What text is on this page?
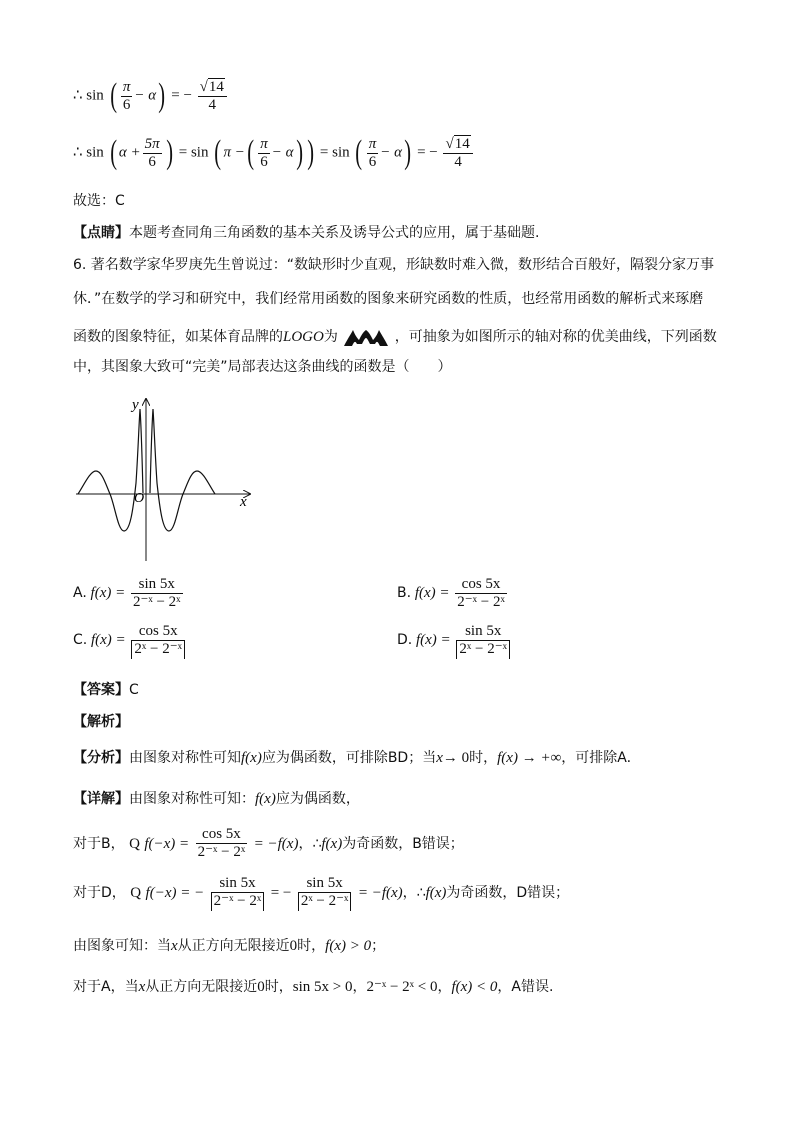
∴ sin ( $\frac{\pi}{6} - \alpha$) = − $\frac{√14}{4}$
∴ sin ( $\alpha + \frac{5\pi}{6}$ ) = sin ( π −( $\frac{\pi}{6} - \alpha$) ) = sin ( $\frac{\pi}{6} - \alpha$) = − $\frac{√14}{4}$
故选：C
【点睛】本题考查同角三角函数的基本关系及诱导公式的应用，属于基础题.
6. 著名数学家华罗庚先生曾说过：“数缺形时少直观，形缺数时难入微，数形结合百般好，隔裂分家万事
休．”在数学的学习和研究中，我们经常用函数的图象来研究函数的性质，也经常用函数的解析式来琢磨
函数的图象特征，如某体育品牌的LOGO为	，可抽象为如图所示的轴对称的优美曲线，下列函数
中，其图象大致可“完美”局部表达这条曲线的函数是（　　）
y
x
O
A. $f(x) = \frac{\sin 5x}{\text{2⁻ˣ − 2ˣ}}$	B. $f(x) = \frac{\cos 5x}{\text{2⁻ˣ − 2ˣ}}$
C. $f(x) = \frac{\cos 5x}{\text{2ˣ − 2⁻ˣ}}$	D. $f(x) = \frac{\sin 5x}{\text{2ˣ − 2⁻ˣ}}$
【答案】C
【解析】
【分析】由图象对称性可知f(x)应为偶函数，可排除BD；当x→ 0时，f(x) → +∞，可排除A.
【详解】由图象对称性可知：f(x)应为偶函数，
对于B， Q $f(-x) = \frac{\cos 5x}{\text{2⁻ˣ − 2ˣ}} = -f(x)$，∴f(x)为奇函数，B错误；
对于D， Q f(−x) = − $\frac{\sin 5x}{\text{2⁻ˣ − 2ˣ}}$ = − $\frac{\sin 5x}{\text{2ˣ − 2⁻ˣ}} = -f(x)$，∴f(x)为奇函数，D错误；
由图象可知：当x从正方向无限接近0时，f(x) > 0；
对于A，当x从正方向无限接近0时，sin 5x > 0，2⁻ˣ − 2ˣ < 0，f(x) < 0，A错误.
